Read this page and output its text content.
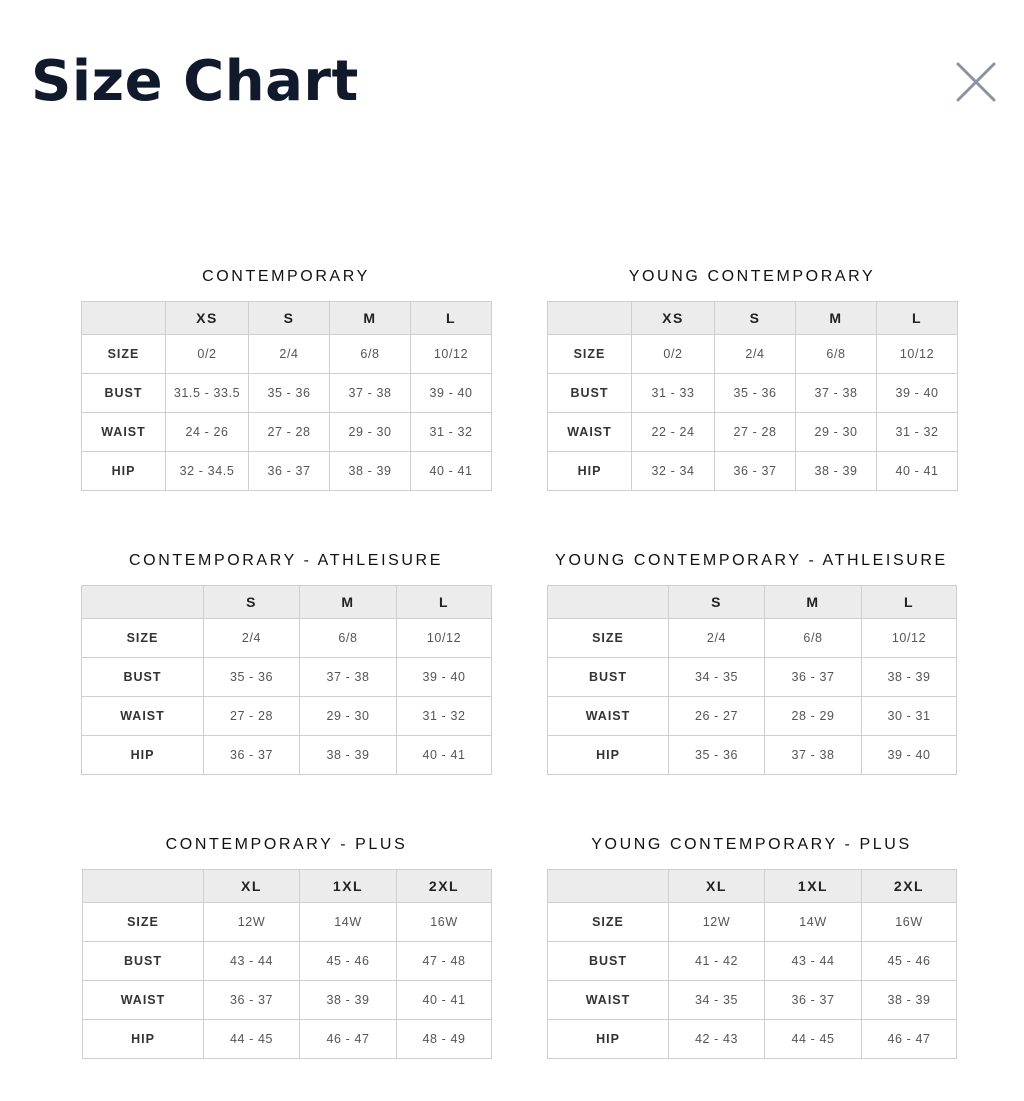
Size Chart
CONTEMPORARY
	XS	S	M	L
SIZE	0/2	2/4	6/8	10/12
BUST	31.5 - 33.5	35 - 36	37 - 38	39 - 40
WAIST	24 - 26	27 - 28	29 - 30	31 - 32
HIP	32 - 34.5	36 - 37	38 - 39	40 - 41
YOUNG CONTEMPORARY
	XS	S	M	L
SIZE	0/2	2/4	6/8	10/12
BUST	31 - 33	35 - 36	37 - 38	39 - 40
WAIST	22 - 24	27 - 28	29 - 30	31 - 32
HIP	32 - 34	36 - 37	38 - 39	40 - 41
CONTEMPORARY - ATHLEISURE
	S	M	L
SIZE	2/4	6/8	10/12
BUST	35 - 36	37 - 38	39 - 40
WAIST	27 - 28	29 - 30	31 - 32
HIP	36 - 37	38 - 39	40 - 41
YOUNG CONTEMPORARY - ATHLEISURE
	S	M	L
SIZE	2/4	6/8	10/12
BUST	34 - 35	36 - 37	38 - 39
WAIST	26 - 27	28 - 29	30 - 31
HIP	35 - 36	37 - 38	39 - 40
CONTEMPORARY - PLUS
	XL	1XL	2XL
SIZE	12W	14W	16W
BUST	43 - 44	45 - 46	47 - 48
WAIST	36 - 37	38 - 39	40 - 41
HIP	44 - 45	46 - 47	48 - 49
YOUNG CONTEMPORARY - PLUS
	XL	1XL	2XL
SIZE	12W	14W	16W
BUST	41 - 42	43 - 44	45 - 46
WAIST	34 - 35	36 - 37	38 - 39
HIP	42 - 43	44 - 45	46 - 47
